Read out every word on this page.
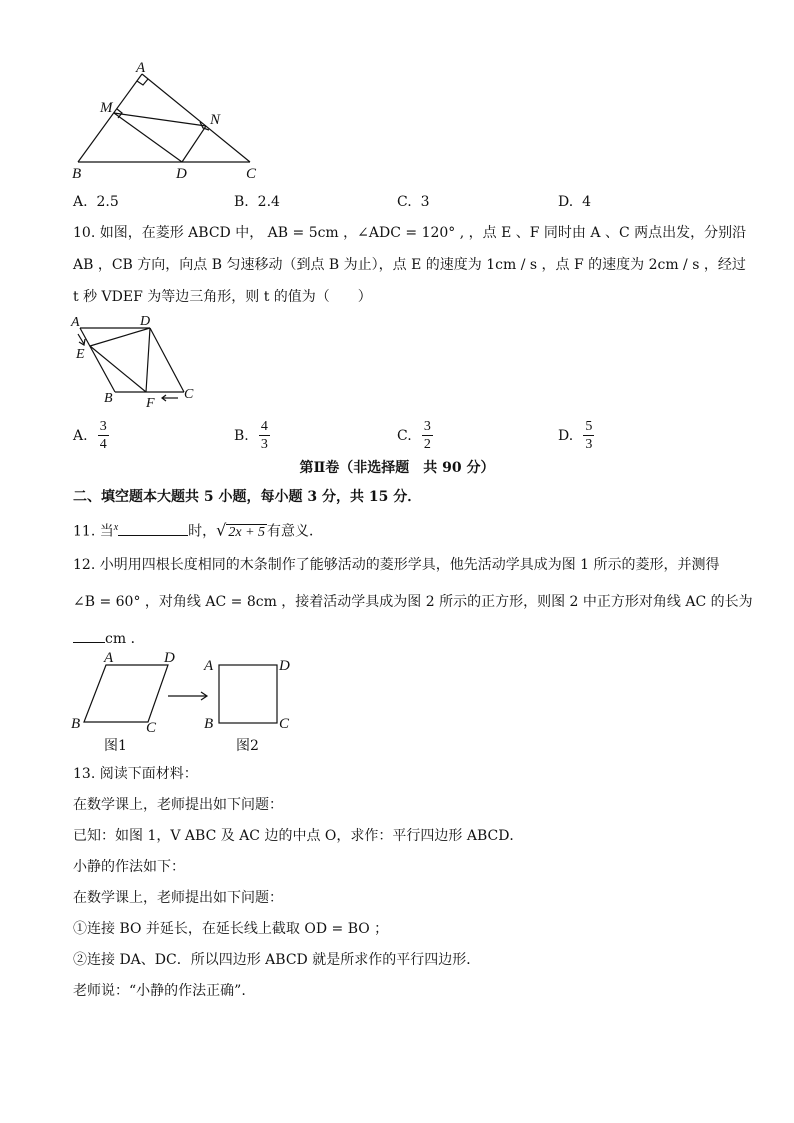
A
M
N
B	D	C
A. 2.5	B. 2.4	C. 3	D. 4
10. 如图，在菱形 ABCD 中， AB = 5cm ，∠ADC = 120° , ，点 E 、F 同时由 A 、C 两点出发，分别沿
AB ，CB 方向，向点 B 匀速移动（到点 B 为止），点 E 的速度为 1cm / s ，点 F 的速度为 2cm / s ，经过
t 秒 VDEF 为等边三角形，则 t 的值为（　　）
A	D
E
B F
C
A. $\frac{3}{4}$	B. $\frac{4}{3}$	C. $\frac{3}{2}$	D. $\frac{5}{3}$
第Ⅱ卷（非选择题　共 90 分）
二、填空题本大题共 5 小题，每小题 3 分，共 15 分．
11. 当$^x$	时，√ 2x + 5 有意义．
12. 小明用四根长度相同的木条制作了能够活动的菱形学具，他先活动学具成为图 1 所示的菱形，并测得
∠B = 60° ，对角线 AC = 8cm ，接着活动学具成为图 2 所示的正方形，则图 2 中正方形对角线 AC 的长为
cm ．
A	D
B	C
A	D
B	C
图1	图2
13. 阅读下面材料：
在数学课上，老师提出如下问题：
已知：如图 1，V ABC 及 AC 边的中点 O，求作：平行四边形 ABCD．
小静的作法如下：
在数学课上，老师提出如下问题：
①连接 BO 并延长，在延长线上截取 OD = BO ；
②连接 DA、DC．所以四边形 ABCD 就是所求作的平行四边形．
老师说：“小静的作法正确”.
